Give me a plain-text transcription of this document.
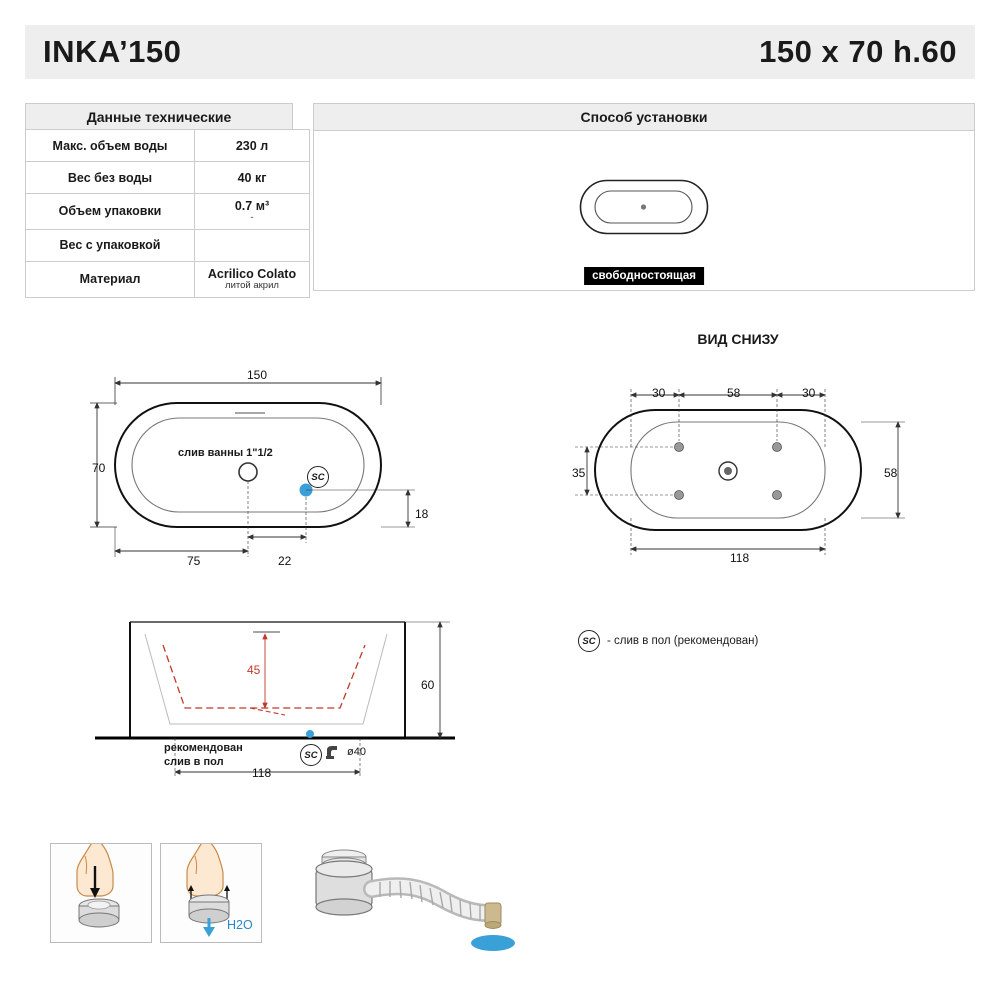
INKA’150	150 x 70 h.60
Данные технические
Макс. объем воды	230 л
Вес без воды	40 кг
Объем упаковки	0.7 м³
-

Вес с упаковкой	
Материал	Acrilico Colato
литой акрил
Способ установки
свободностоящая
150
70
18
75	22
слив ванны 1"1/2
SC
ВИД СНИЗУ
30	58	30
35	58
118
SC - слив в пол (рекомендован)
45
60
118
рекомендован
слив в пол
SC	ø40
H2O
